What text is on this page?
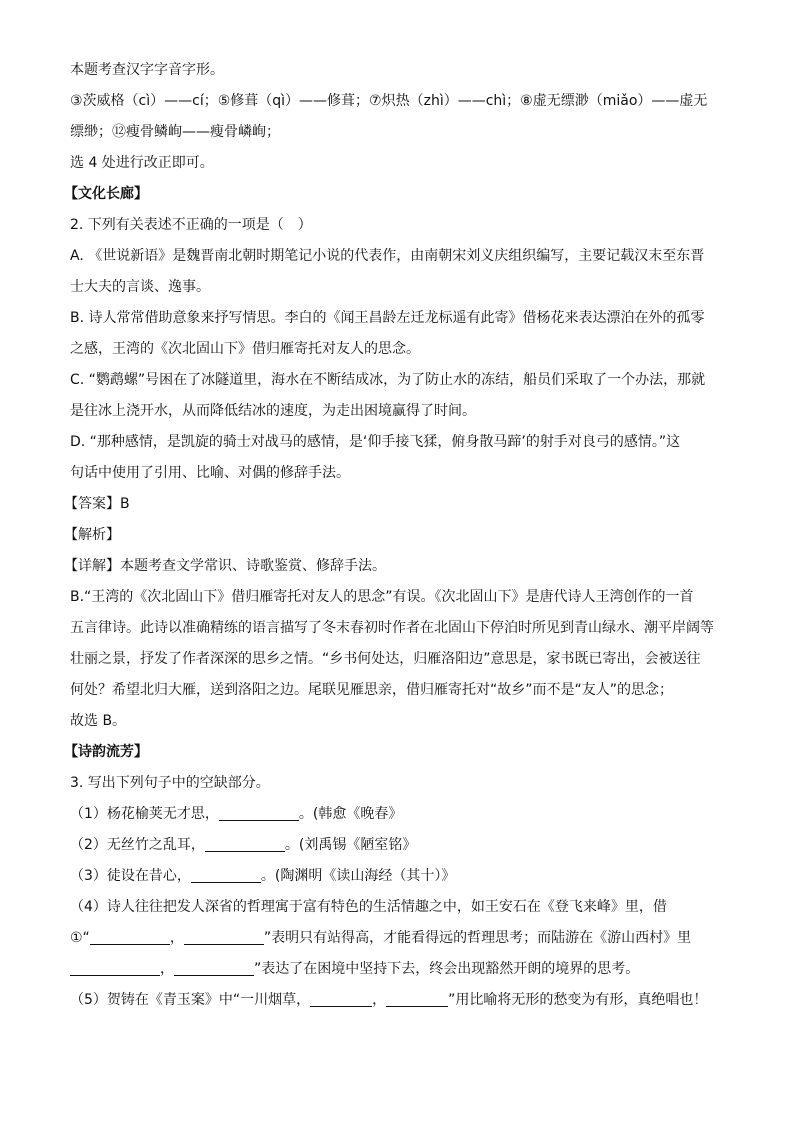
本题考查汉字字音字形。
③茨威格（cì）——cí；⑤修葺（qì）——修葺；⑦炽热（zhì）——chì；⑧虚无缥渺（miǎo）——虚无
缥缈；⑫瘦骨鳞峋——瘦骨嶙峋；
选 4 处进行改正即可。
【文化长廊】
2. 下列有关表述不正确的一项是（　）
A. 《世说新语》是魏晋南北朝时期笔记小说的代表作，由南朝宋刘义庆组织编写，主要记载汉末至东晋
士大夫的言谈、逸事。
B. 诗人常常借助意象来抒写情思。李白的《闻王昌龄左迁龙标遥有此寄》借杨花来表达漂泊在外的孤零
之感，王湾的《次北固山下》借归雁寄托对友人的思念。
C. “鹦鹉螺”号困在了冰隧道里，海水在不断结成冰，为了防止水的冻结，船员们采取了一个办法，那就
是往冰上浇开水，从而降低结冰的速度，为走出困境赢得了时间。
D. “那种感情，是凯旋的骑士对战马的感情，是‘仰手接飞猱，俯身散马蹄’的射手对良弓的感情。”这
句话中使用了引用、比喻、对偶的修辞手法。
【答案】B
【解析】
【详解】本题考查文学常识、诗歌鉴赏、修辞手法。
B.“王湾的《次北固山下》借归雁寄托对友人的思念”有误。《次北固山下》是唐代诗人王湾创作的一首
五言律诗。此诗以准确精练的语言描写了冬末春初时作者在北固山下停泊时所见到青山绿水、潮平岸阔等
壮丽之景，抒发了作者深深的思乡之情。“乡书何处达，归雁洛阳边”意思是，家书既已寄出，会被送往
何处？希望北归大雁，送到洛阳之边。尾联见雁思亲，借归雁寄托对“故乡”而不是“友人”的思念；
故选 B。
【诗韵流芳】
3. 写出下列句子中的空缺部分。
（1）杨花榆荚无才思，	。(韩愈《晚春》
（2）无丝竹之乱耳，	。(刘禹锡《陋室铭》
（3）徒设在昔心，	。(陶渊明《读山海经（其十）》
（4）诗人往往把发人深省的哲理寓于富有特色的生活情趣之中，如王安石在《登飞来峰》里，借
①“	，	”表明只有站得高，才能看得远的哲理思考；而陆游在《游山西村》里
，	”表达了在困境中坚持下去，终会出现豁然开朗的境界的思考。
（5）贺铸在《青玉案》中“一川烟草，	，	”用比喻将无形的愁变为有形，真绝唱也！
